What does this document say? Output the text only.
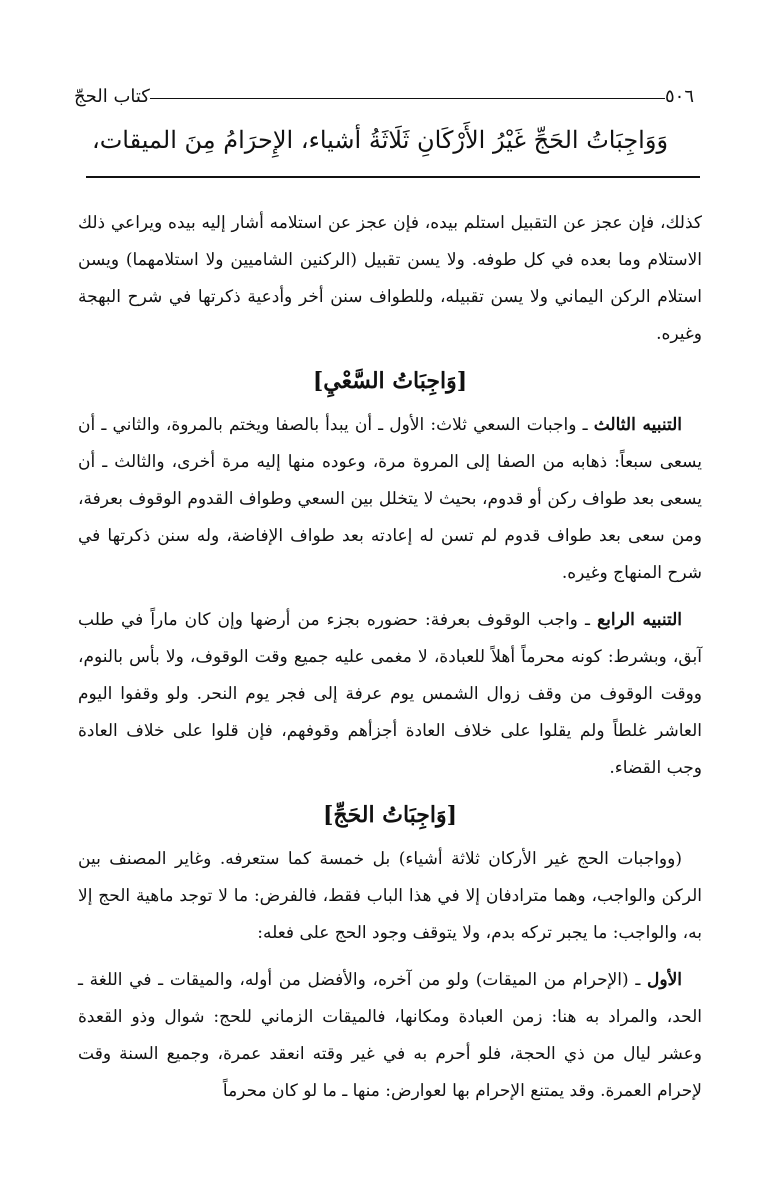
٥٠٦
كتاب الحجّ
وَوَاجِبَاتُ الحَجِّ غَيْرُ الأَرْكَانِ ثَلَاثَةُ أشياء، الإِحرَامُ مِنَ الميقات،

كذلك، فإن عجز عن التقبيل استلم بيده، فإن عجز عن استلامه أشار إليه بيده ويراعي ذلك الاستلام وما بعده في كل طوفه. ولا يسن تقبيل (الركنين الشاميين ولا استلامهما) ويسن استلام الركن اليماني ولا يسن تقبيله، وللطواف سنن أخر وأدعية ذكرتها في شرح البهجة وغيره.

[وَاجِبَاتُ السَّعْيِ]

التنبيه الثالث ـ واجبات السعي ثلاث: الأول ـ أن يبدأ بالصفا ويختم بالمروة، والثاني ـ أن يسعى سبعاً: ذهابه من الصفا إلى المروة مرة، وعوده منها إليه مرة أخرى، والثالث ـ أن يسعى بعد طواف ركن أو قدوم، بحيث لا يتخلل بين السعي وطواف القدوم الوقوف بعرفة، ومن سعى بعد طواف قدوم لم تسن له إعادته بعد طواف الإفاضة، وله سنن ذكرتها في شرح المنهاج وغيره.

التنبيه الرابع ـ واجب الوقوف بعرفة: حضوره بجزء من أرضها وإن كان ماراً في طلب آبق، وبشرط: كونه محرماً أهلاً للعبادة، لا مغمى عليه جميع وقت الوقوف، ولا بأس بالنوم، ووقت الوقوف من وقف زوال الشمس يوم عرفة إلى فجر يوم النحر. ولو وقفوا اليوم العاشر غلطاً ولم يقلوا على خلاف العادة أجزأهم وقوفهم، فإن قلوا على خلاف العادة وجب القضاء.

[وَاجِبَاتُ الحَجِّ]

(وواجبات الحج غير الأركان ثلاثة أشياء) بل خمسة كما ستعرفه. وغاير المصنف بين الركن والواجب، وهما مترادفان إلا في هذا الباب فقط، فالفرض: ما لا توجد ماهية الحج إلا به، والواجب: ما يجبر تركه بدم، ولا يتوقف وجود الحج على فعله:

الأول ـ (الإحرام من الميقات) ولو من آخره، والأفضل من أوله، والميقات ـ في اللغة ـ الحد، والمراد به هنا: زمن العبادة ومكانها، فالميقات الزماني للحج: شوال وذو القعدة وعشر ليال من ذي الحجة، فلو أحرم به في غير وقته انعقد عمرة، وجميع السنة وقت لإحرام العمرة. وقد يمتنع الإحرام بها لعوارض: منها ـ ما لو كان محرماً
